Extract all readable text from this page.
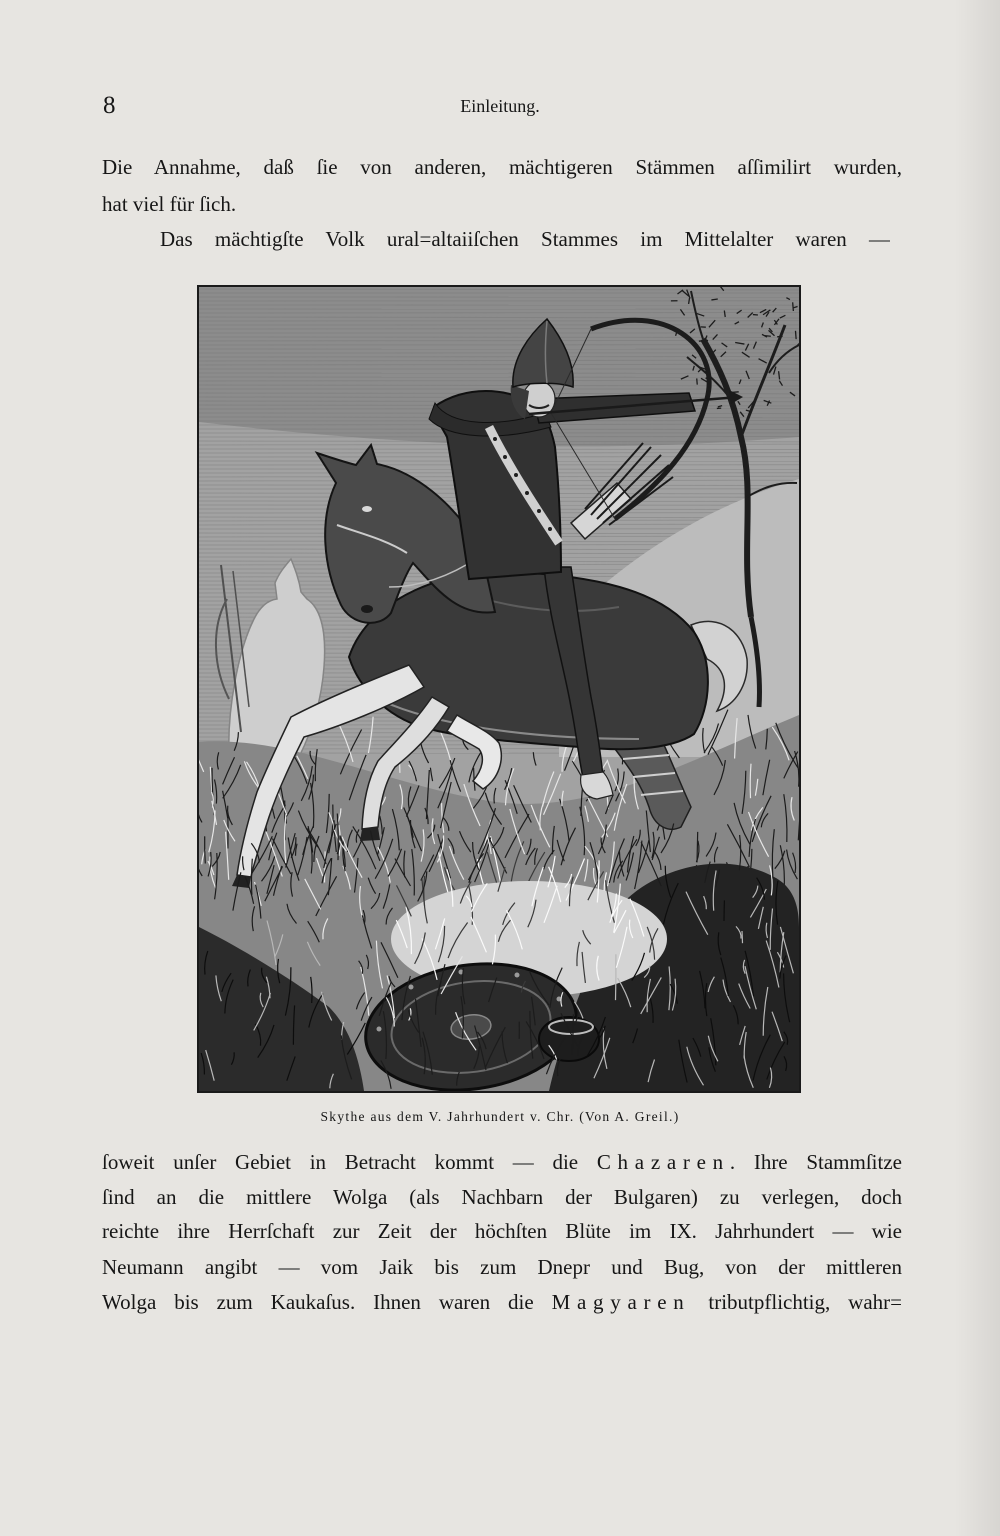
8	Einleitung.
Die Annahme, daß ſie von anderen, mächtigeren Stämmen aſſimilirt wurden,
hat viel für ſich.
Das mächtigſte Volk ural=altaiiſchen Stammes im Mittelalter waren —
Skythe aus dem V. Jahrhundert v. Chr. (Von A. Greil.)
ſoweit unſer Gebiet in Betracht kommt — die Chazaren. Ihre Stammſitze
ſind an die mittlere Wolga (als Nachbarn der Bulgaren) zu verlegen, doch
reichte ihre Herrſchaft zur Zeit der höchſten Blüte im IX. Jahrhundert — wie
Neumann angibt — vom Jaik bis zum Dnepr und Bug, von der mittleren
Wolga bis zum Kaukaſus. Ihnen waren die Magyaren tributpflichtig, wahr=
